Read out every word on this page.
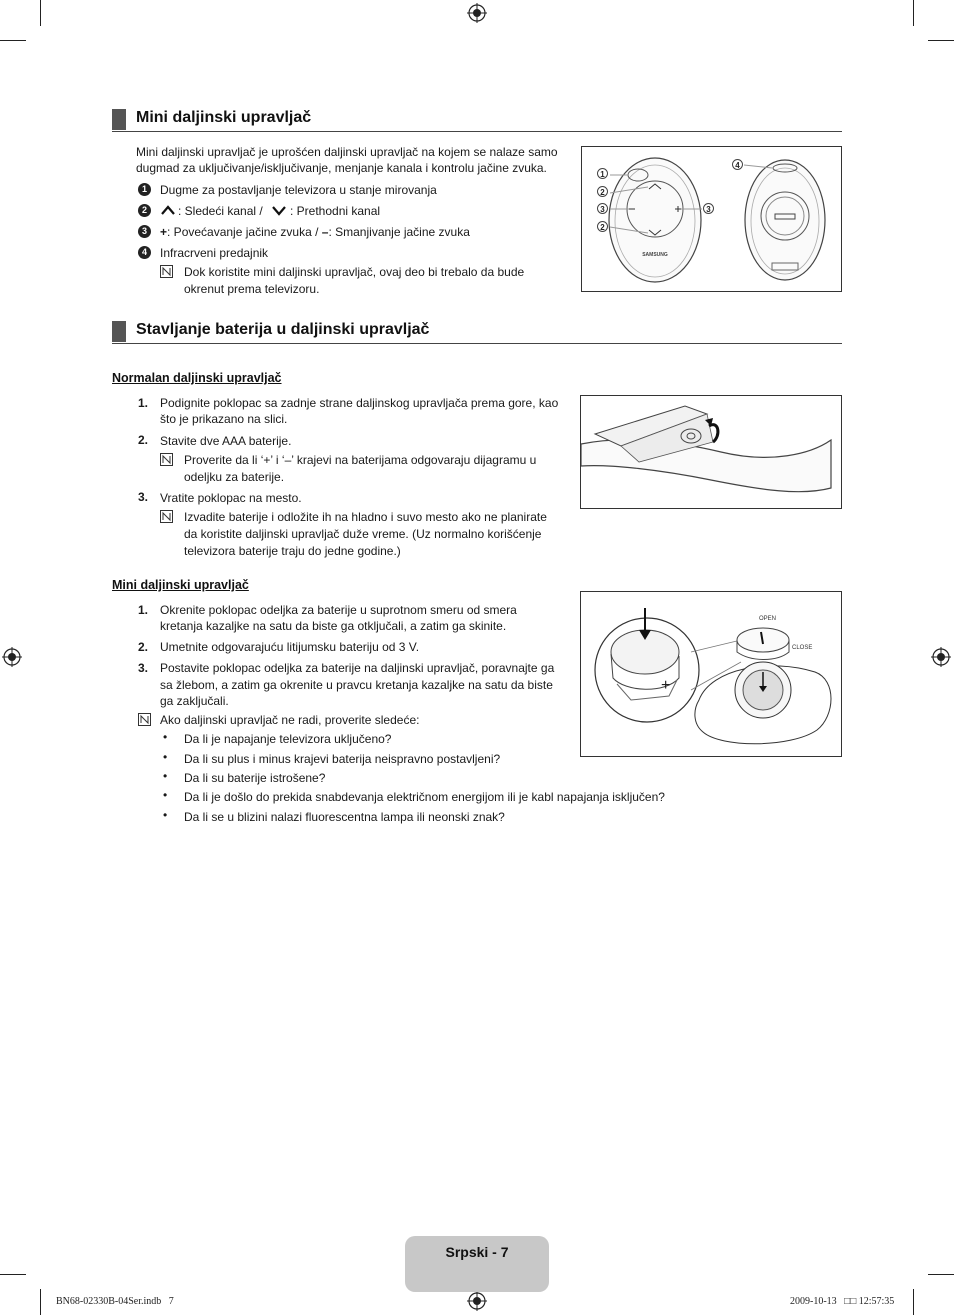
Mini daljinski upravljač
Mini daljinski upravljač je uprošćen daljinski upravljač na kojem se nalaze samo
dugmad za uključivanje/isključivanje, menjanje kanala i kontrolu jačine zvuka.
1	Dugme za postavljanje televizora u stanje mirovanja
2	: Sledeći kanal / : Prethodni kanal
3	+: Povećavanje jačine zvuka / –: Smanjivanje jačine zvuka
4	Infracrveni predajnik
Dok koristite mini daljinski upravljač, ovaj deo bi trebalo da bude
okrenut prema televizoru.
SAMSUNG
1
2
3
2
3
4
Stavljanje baterija u daljinski upravljač
Normalan daljinski upravljač
1. Podignite poklopac sa zadnje strane daljinskog upravljača prema gore, kao
što je prikazano na slici.
2. Stavite dve AAA baterije.
Proverite da li ‘+’ i ‘–’ krajevi na baterijama odgovaraju dijagramu u
odeljku za baterije.
3. Vratite poklopac na mesto.
Izvadite baterije i odložite ih na hladno i suvo mesto ako ne planirate
da koristite daljinski upravljač duže vreme. (Uz normalno korišćenje
televizora baterije traju do jedne godine.)
Mini daljinski upravljač
1. Okrenite poklopac odeljka za baterije u suprotnom smeru od smera
kretanja kazaljke na satu da biste ga otključali, a zatim ga skinite.
2. Umetnite odgovarajuću litijumsku bateriju od 3 V.
3. Postavite poklopac odeljka za baterije na daljinski upravljač, poravnajte ga
sa žlebom, a zatim ga okrenite u pravcu kretanja kazaljke na satu da biste
ga zaključali.
Ako daljinski upravljač ne radi, proverite sledeće:
• Da li je napajanje televizora uključeno?
• Da li su plus i minus krajevi baterija neispravno postavljeni?
• Da li su baterije istrošene?
• Da li je došlo do prekida snabdevanja električnom energijom ili je kabl napajanja isključen?
• Da li se u blizini nalazi fluorescentna lampa ili neonski znak?
+
OPEN
CLOSE
Srpski - 7
BN68-02330B-04Ser.indb   7	2009-10-13   □□ 12:57:35
